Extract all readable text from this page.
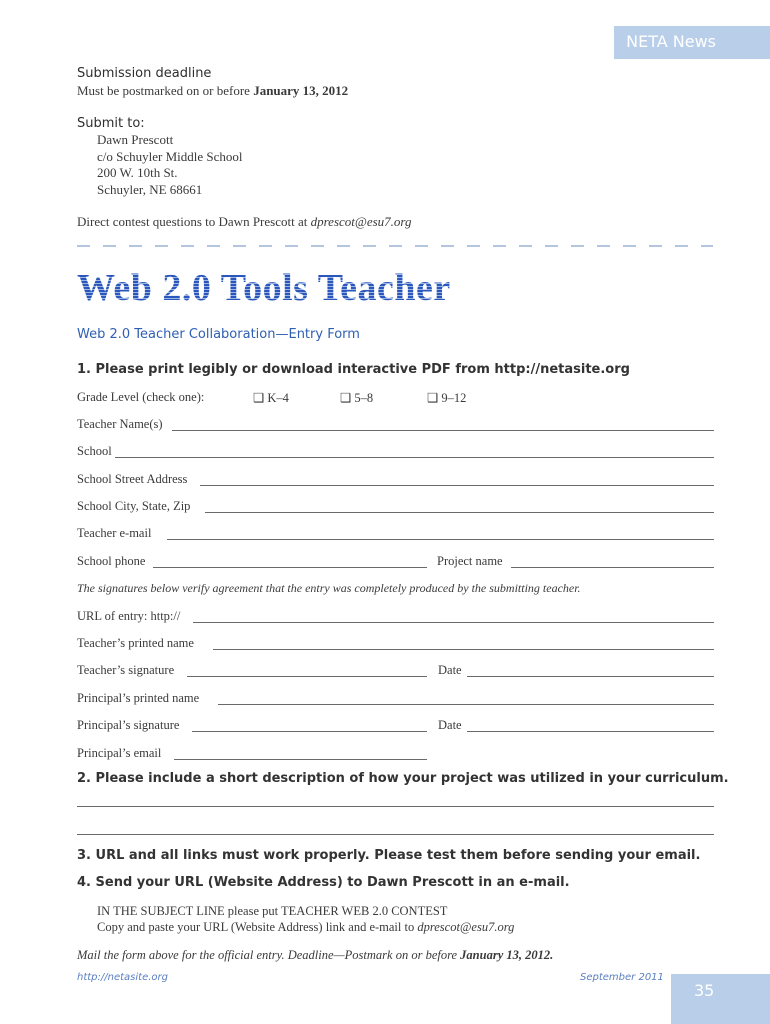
NETA News
Submission deadline
Must be postmarked on or before January 13, 2012
Submit to:
Dawn Prescott
c/o Schuyler Middle School
200 W. 10th St.
Schuyler, NE 68661
Direct contest questions to Dawn Prescott at dprescot@esu7.org
Web 2.0 Tools Teacher
Web 2.0 Teacher Collaboration—Entry Form
1. Please print legibly or download interactive PDF from http://netasite.org
Grade Level (check one):	❑ K–4	❑ 5–8	❑ 9–12
Teacher Name(s)
School
School Street Address
School City, State, Zip
Teacher e-mail
School phone	Project name
The signatures below verify agreement that the entry was completely produced by the submitting teacher.
URL of entry: http://
Teacher’s printed name
Teacher’s signature	Date
Principal’s printed name
Principal’s signature	Date
Principal’s email
2. Please include a short description of how your project was utilized in your curriculum.
3. URL and all links must work properly. Please test them before sending your email.
4. Send your URL (Website Address) to Dawn Prescott in an e-mail.
IN THE SUBJECT LINE please put TEACHER WEB 2.0 CONTEST
Copy and paste your URL (Website Address) link and e-mail to dprescot@esu7.org
Mail the form above for the official entry. Deadline—Postmark on or before January 13, 2012.
http://netasite.org	September 2011
35
